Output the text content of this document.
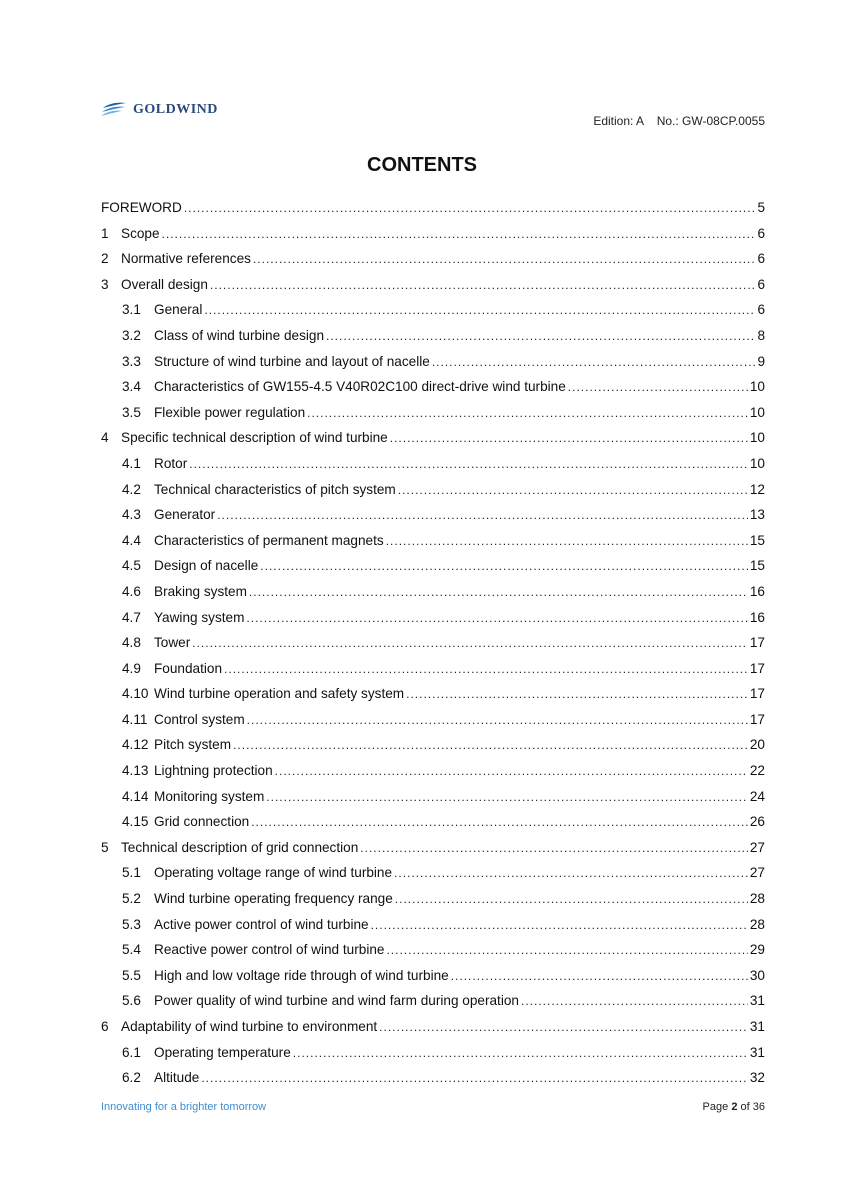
GOLDWIND
Edition: A No.: GW-08CP.0055
CONTENTS
FOREWORD .....	5
1 Scope .....	6
2 Normative references .....	6
3 Overall design .....	6
3.1 General .....	6
3.2 Class of wind turbine design .....	8
3.3 Structure of wind turbine and layout of nacelle .....	9
3.4 Characteristics of GW155-4.5 V40R02C100 direct-drive wind turbine .....	10
3.5 Flexible power regulation .....	10
4 Specific technical description of wind turbine .....	10
4.1 Rotor .....	10
4.2 Technical characteristics of pitch system .....	12
4.3 Generator .....	13
4.4 Characteristics of permanent magnets .....	15
4.5 Design of nacelle .....	15
4.6 Braking system .....	16
4.7 Yawing system .....	16
4.8 Tower .....	17
4.9 Foundation .....	17
4.10 Wind turbine operation and safety system .....	17
4.11 Control system .....	17
4.12 Pitch system .....	20
4.13 Lightning protection .....	22
4.14 Monitoring system .....	24
4.15 Grid connection .....	26
5 Technical description of grid connection .....	27
5.1 Operating voltage range of wind turbine .....	27
5.2 Wind turbine operating frequency range .....	28
5.3 Active power control of wind turbine .....	28
5.4 Reactive power control of wind turbine .....	29
5.5 High and low voltage ride through of wind turbine .....	30
5.6 Power quality of wind turbine and wind farm during operation .....	31
6 Adaptability of wind turbine to environment .....	31
6.1 Operating temperature .....	31
6.2 Altitude .....	32
Innovating for a brighter tomorrow	Page 2 of 36
